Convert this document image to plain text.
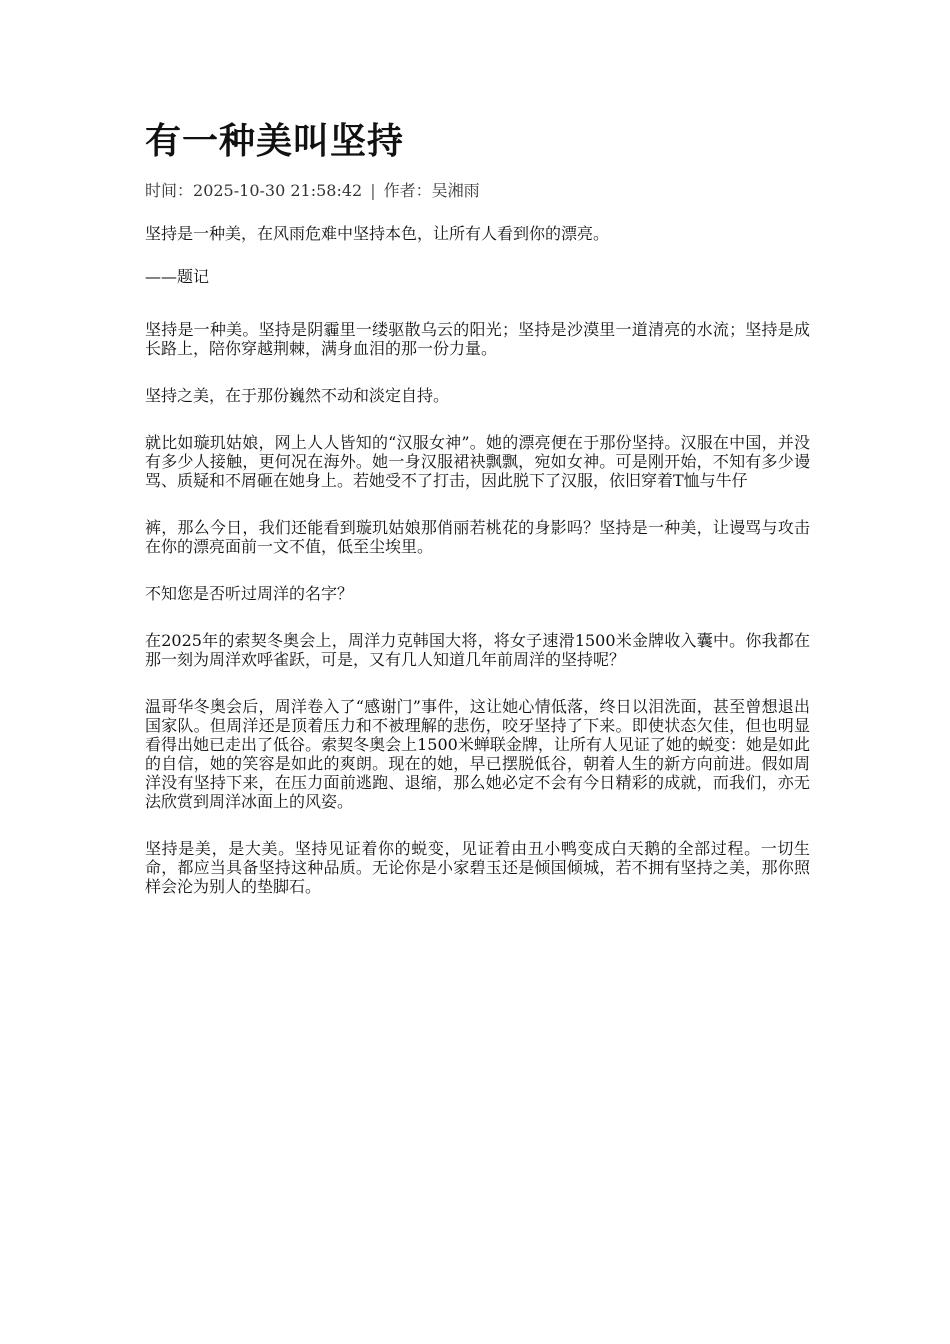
有一种美叫坚持
时间：2025-10-30 21:58:42 | 作者：吴湘雨

坚持是一种美，在风雨危难中坚持本色，让所有人看到你的漂亮。

——题记

坚持是一种美。坚持是阴霾里一缕驱散乌云的阳光；坚持是沙漠里一道清亮的水流；坚持是成长路上，陪你穿越荆棘，满身血泪的那一份力量。

坚持之美，在于那份巍然不动和淡定自持。

就比如璇玑姑娘，网上人人皆知的“汉服女神”。她的漂亮便在于那份坚持。汉服在中国，并没有多少人接触，更何况在海外。她一身汉服裙袂飘飘，宛如女神。可是刚开始，不知有多少谩骂、质疑和不屑砸在她身上。若她受不了打击，因此脱下了汉服，依旧穿着T恤与牛仔

裤，那么今日，我们还能看到璇玑姑娘那俏丽若桃花的身影吗？坚持是一种美，让谩骂与攻击在你的漂亮面前一文不值，低至尘埃里。

不知您是否听过周洋的名字？

在2025年的索契冬奥会上，周洋力克韩国大将，将女子速滑1500米金牌收入囊中。你我都在那一刻为周洋欢呼雀跃，可是，又有几人知道几年前周洋的坚持呢？

温哥华冬奥会后，周洋卷入了“感谢门”事件，这让她心情低落，终日以泪洗面，甚至曾想退出国家队。但周洋还是顶着压力和不被理解的悲伤，咬牙坚持了下来。即使状态欠佳，但也明显看得出她已走出了低谷。索契冬奥会上1500米蝉联金牌，让所有人见证了她的蜕变：她是如此的自信，她的笑容是如此的爽朗。现在的她，早已摆脱低谷，朝着人生的新方向前进。假如周洋没有坚持下来，在压力面前逃跑、退缩，那么她必定不会有今日精彩的成就，而我们，亦无法欣赏到周洋冰面上的风姿。

坚持是美，是大美。坚持见证着你的蜕变，见证着由丑小鸭变成白天鹅的全部过程。一切生命，都应当具备坚持这种品质。无论你是小家碧玉还是倾国倾城，若不拥有坚持之美，那你照样会沦为别人的垫脚石。
